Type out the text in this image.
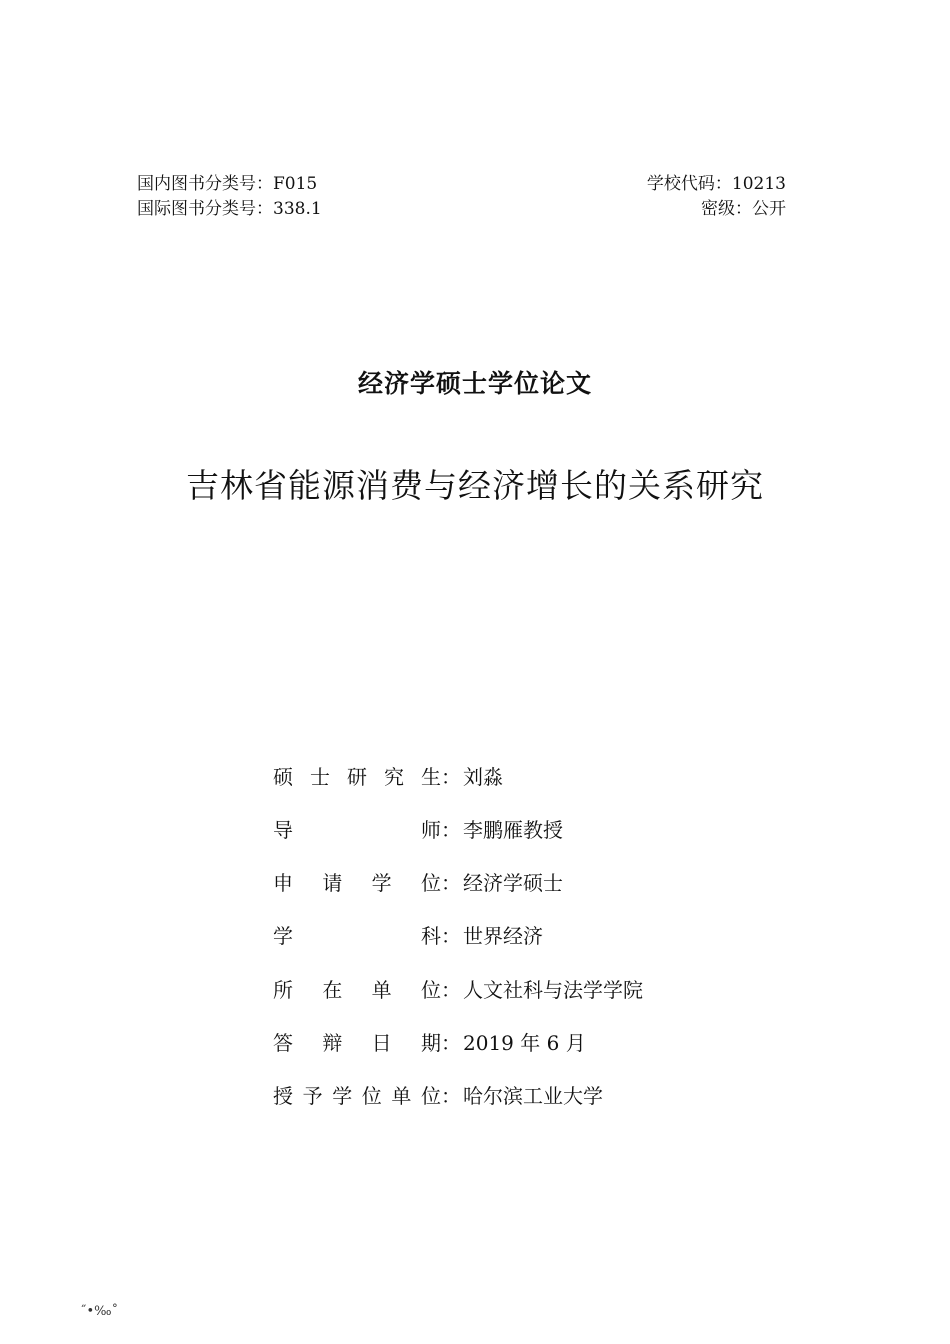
国内图书分类号：F015
国际图书分类号：338.1
学校代码：10213
密级：公开
经济学硕士学位论文
吉林省能源消费与经济增长的关系研究
硕 士 研 究 生 ： 刘淼
导	师 ： 李鹏雁教授
申 请 学 位 ： 经济学硕士
学	科 ： 世界经济
所 在 单 位 ： 人文社科与法学学院
答 辩 日 期 ： 2019 年 6 月
授 予 学 位 单 位 ： 哈尔滨工业大学
˝•‰˚
